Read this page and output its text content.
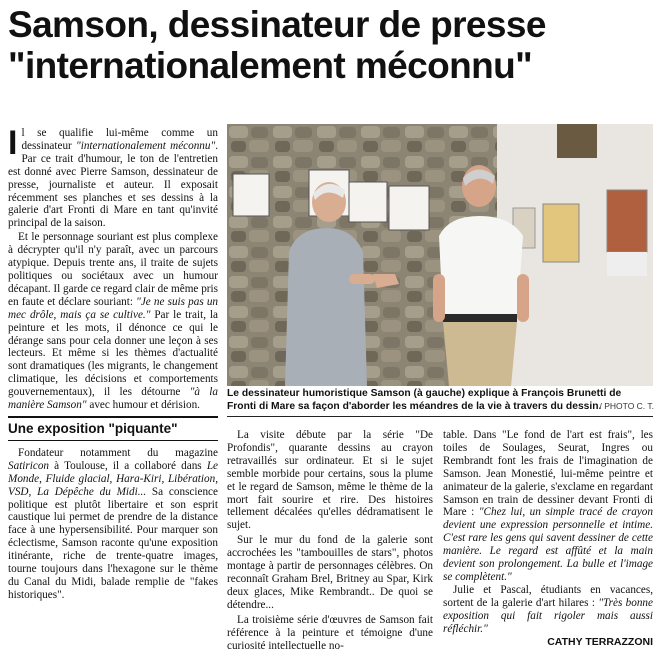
Samson, dessinateur de presse
"internationalement méconnu"

Il se qualifie lui-même comme un dessinateur "internationalement méconnu". Par ce trait d'humour, le ton de l'entretien est donné avec Pierre Samson, dessinateur de presse, journaliste et auteur. Il exposait récemment ses planches et ses dessins à la galerie d'art Fronti di Mare en tant qu'invité principal de la saison.

Et le personnage souriant est plus complexe à décrypter qu'il n'y paraît, avec un parcours atypique. Depuis trente ans, il traite de sujets politiques ou sociétaux avec un humour décapant. Il garde ce regard clair de même pris en faute et déclare souriant: "Je ne suis pas un mec drôle, mais ça se cultive." Par le trait, la peinture et les mots, il dénonce ce qui le dérange sans pour cela donner une leçon à ses lecteurs. Et même si les thèmes d'actualité sont dramatiques (les migrants, le changement climatique, les décisions et comportements gouvernementaux), il les détourne "à la manière Samson" avec humour et dérision.

Une exposition "piquante"

Fondateur notamment du magazine Satiricon à Toulouse, il a collaboré dans Le Monde, Fluide glacial, Hara-Kiri, Libération, VSD, La Dépêche du Midi... Sa conscience politique est plutôt libertaire et son esprit caustique lui permet de prendre de la distance face à une hypersensibilité. Pour marquer son éclectisme, Samson raconte qu'une exposition itinérante, riche de trente-quatre images, tourne toujours dans l'hexagone sur le thème du Canal du Midi, balade remplie de "fakes historiques".

Le dessinateur humoristique Samson (à gauche) explique à François Brunetti de Fronti di Mare sa façon d'aborder les méandres de la vie à travers du dessin.
/ PHOTO C. T.

La visite débute par la série "De Profondis", quarante dessins au crayon retravaillés sur ordinateur. Et si le sujet semble morbide pour certains, sous la plume et le regard de Samson, même le thème de la mort fait sourire et rire. Des histoires tellement décalées qu'elles dédramatisent le sujet.

Sur le mur du fond de la galerie sont accrochées les "tambouilles de stars", photos montage à partir de personnages célèbres. On reconnaît Graham Brel, Britney au Spar, Kirk deux glaces, Mike Rembrandt.. De quoi se détendre...

La troisième série d'œuvres de Samson fait référence à la peinture et témoigne d'une curiosité intellectuelle no-

table. Dans "Le fond de l'art est frais", les toiles de Soulages, Seurat, Ingres ou Rembrandt font les frais de l'imagination de Samson. Jean Monestié, lui-même peintre et animateur de la galerie, s'exclame en regardant Samson en train de dessiner devant Fronti di Mare : "Chez lui, un simple tracé de crayon devient une expression personnelle et intime. C'est rare les gens qui savent dessiner de cette manière. Le regard est affûté et la main devient son prolongement. La bulle et l'image se complètent."

Julie et Pascal, étudiants en vacances, sortent de la galerie d'art hilares : "Très bonne exposition qui fait rigoler mais aussi réfléchir."

CATHY TERRAZZONI
